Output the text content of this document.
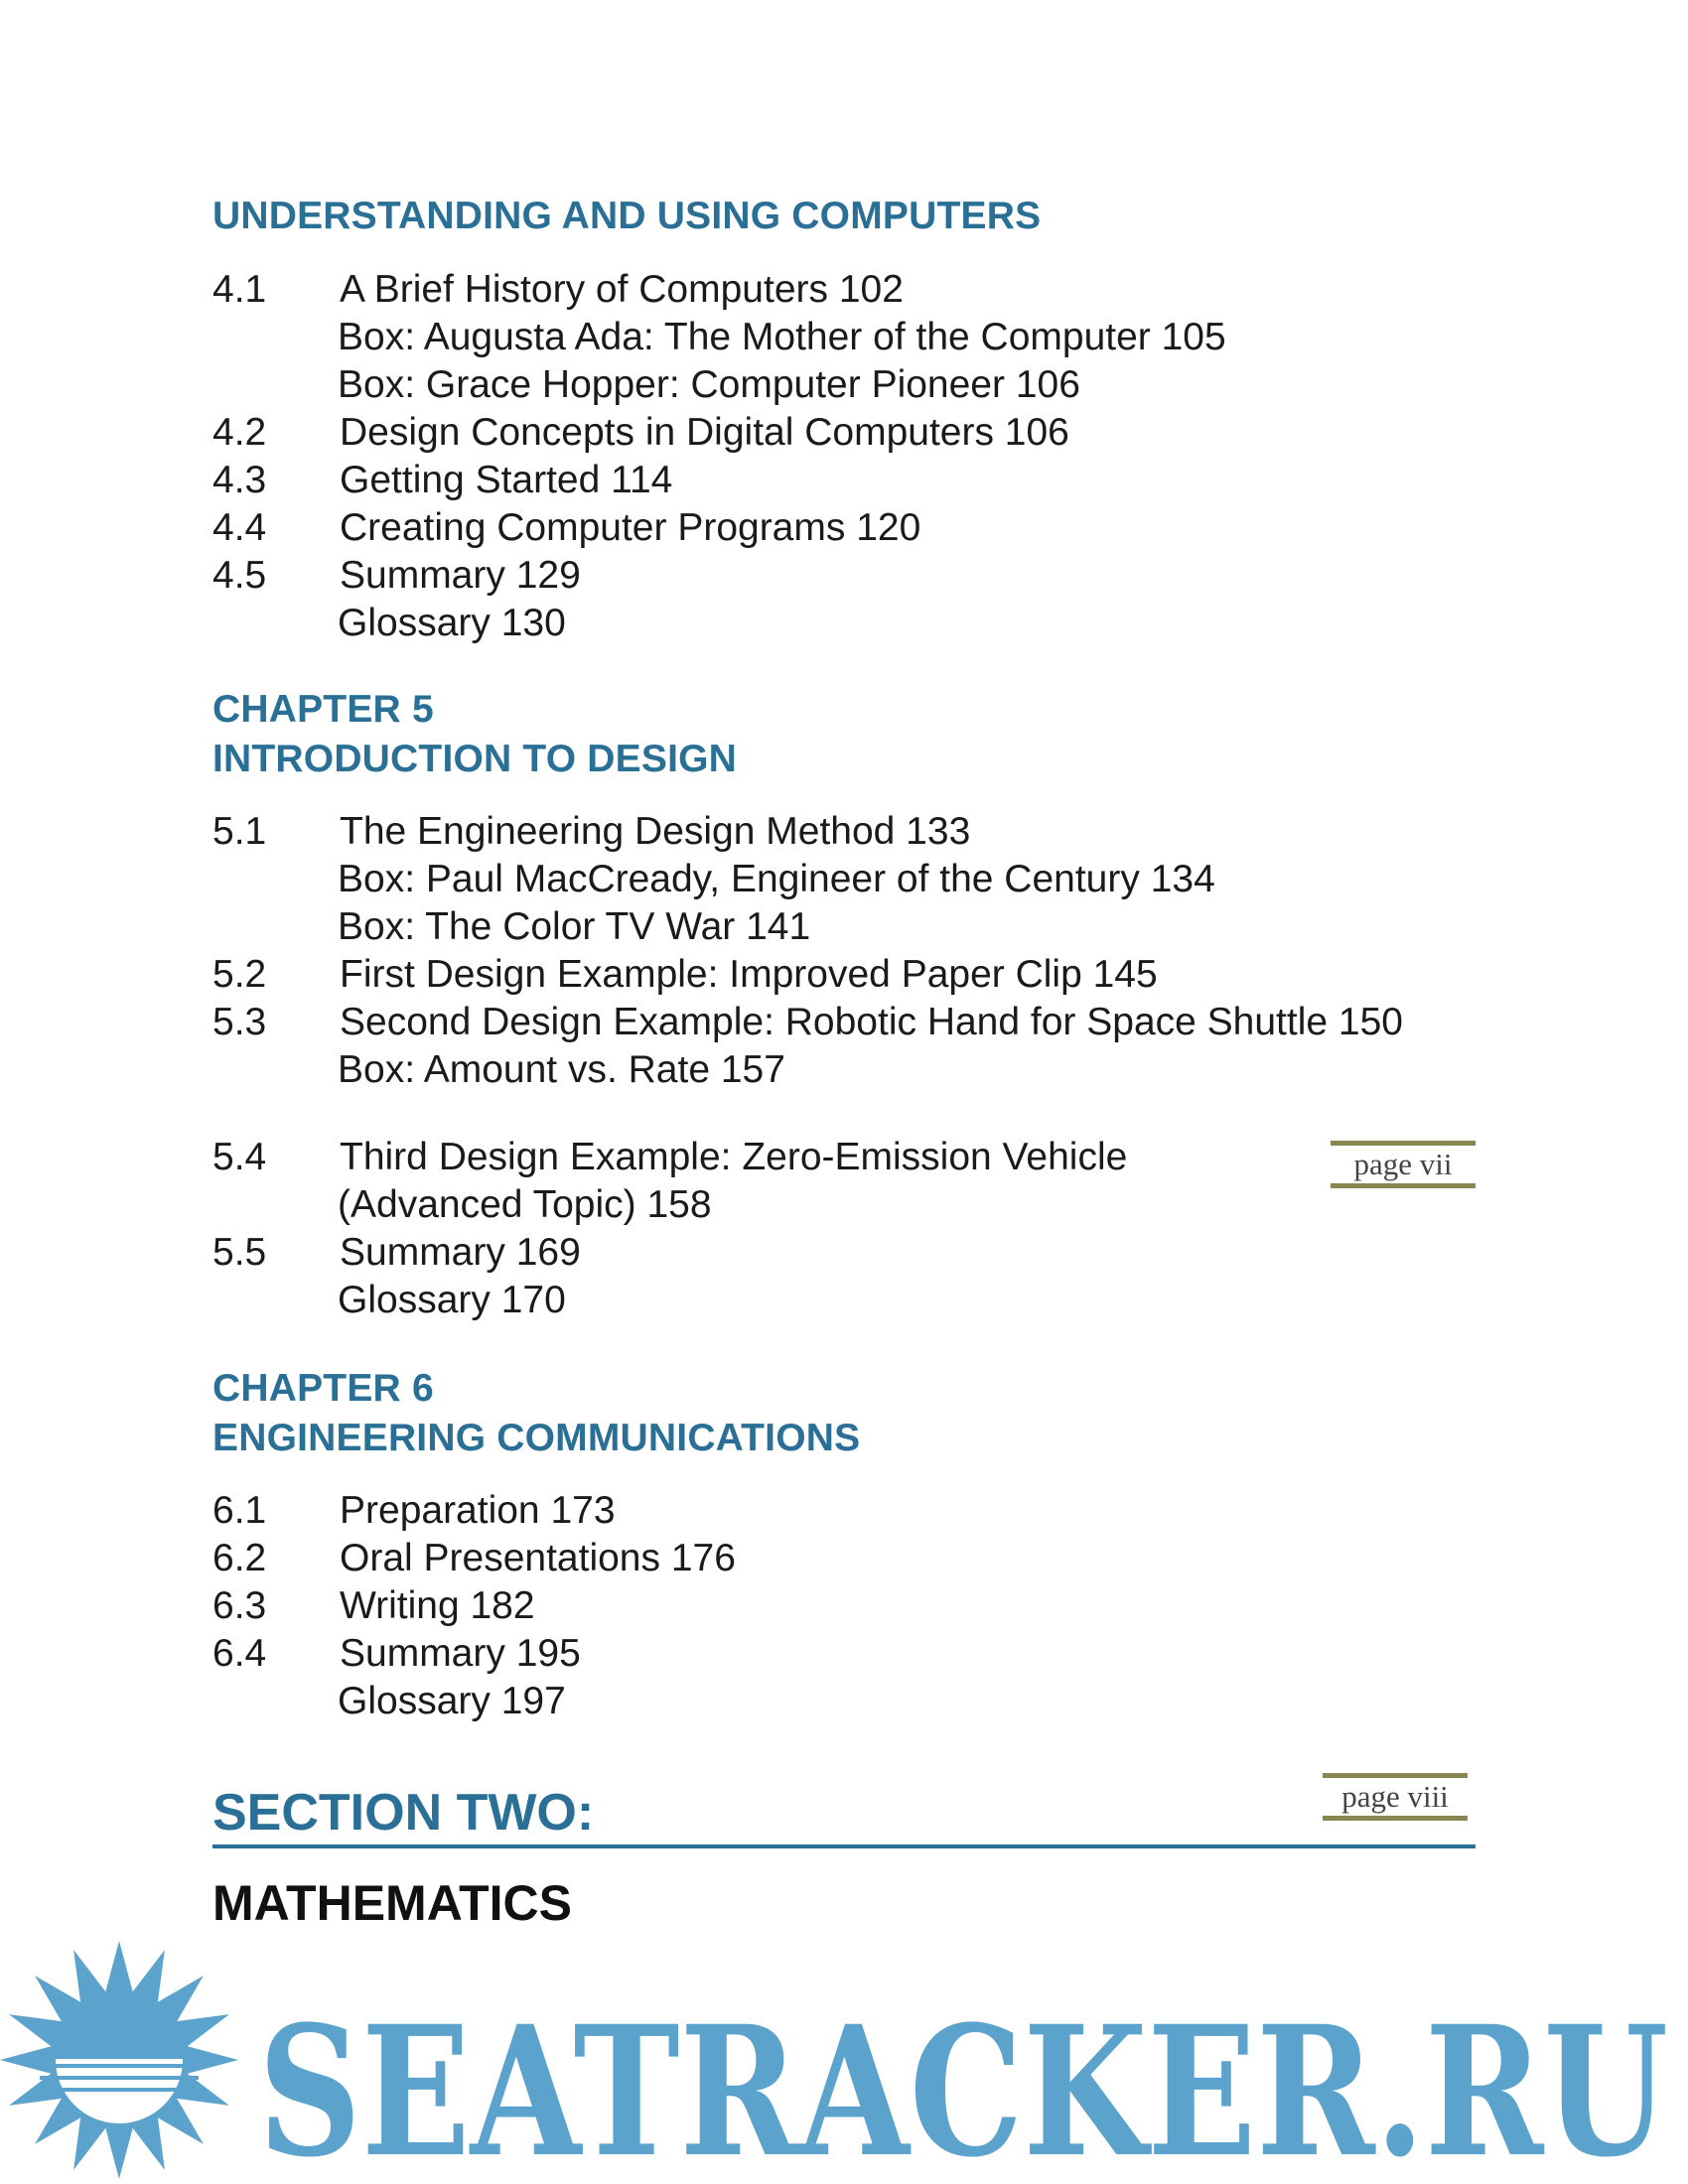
UNDERSTANDING AND USING COMPUTERS
4.1 A Brief History of Computers 102
Box: Augusta Ada: The Mother of the Computer 105
Box: Grace Hopper: Computer Pioneer 106
4.2 Design Concepts in Digital Computers 106
4.3 Getting Started 114
4.4 Creating Computer Programs 120
4.5 Summary 129
Glossary 130
CHAPTER 5
INTRODUCTION TO DESIGN
5.1 The Engineering Design Method 133
Box: Paul MacCready, Engineer of the Century 134
Box: The Color TV War 141
5.2 First Design Example: Improved Paper Clip 145
5.3 Second Design Example: Robotic Hand for Space Shuttle 150
Box: Amount vs. Rate 157
5.4 Third Design Example: Zero-Emission Vehicle
(Advanced Topic) 158
5.5 Summary 169
Glossary 170
page vii
CHAPTER 6
ENGINEERING COMMUNICATIONS
6.1 Preparation 173
6.2 Oral Presentations 176
6.3 Writing 182
6.4 Summary 195
Glossary 197
page viii
SECTION TWO:
MATHEMATICS
SEATRACKER.RU
